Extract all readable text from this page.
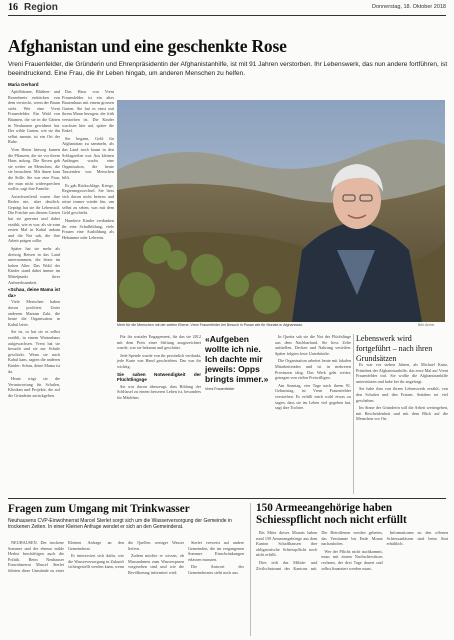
16 Region	Donnerstag, 18. Oktober 2018
Afghanistan und eine geschenkte Rose
Vreni Frauenfelder, die Gründerin und Ehrenpräsidentin der Afghanistanhilfe, ist mit 91 Jahren verstorben. Ihr Lebenswerk, das nun andere fortführen, ist beeindruckend. Eine Frau, die ihr Leben hingab, um anderen Menschen zu helfen.
Maria Gerhard

Apfelbäume, Blüthen- und Rosenbeete erdrücken von dem versteckt, wenn der Baum steht. Wer eine Vreni Frauenfelder. Ein Wald von Bäumen, die sie in die Gärten in Neuhausen gewidmet hat. Der wilde Garten, wie sie ihn selbst nannte, ist ein Ort der Ruhe.

Vom Beton hinweg kamen die Pflanzen, die sie vor ihrem Haus aufzog. Die Rosen gab sie weiter an Menschen, die sie besuchten. Mit ihnen kam die Stille. Sie war eine Frau, der man nicht widersprechen wollte, sagt ihre Familie.

Ausschweifend waren ihre Reden nie, aber deutlich. Geprägt hat sie ihr Lebensstil. Die Früchte aus diesem Garten hat sie geerntet und dabei erzählt, wie es war, als sie zum ersten Mal in Kabul ankam und die Not sah, die ihre Arbeit prägen sollte.

Später hat sie mehr als dreissig Reisen in das Land unternommen, die letzte im hohen Alter. Das Wohl der Kinder stand dabei immer im Mittelpunkt ihrer Aufmerksamkeit.

«Schau, deine Mama ist da»

Viele Menschen haben davon profitiert. Unter anderem Mariam Zaki, die heute die Organisation in Kabul leitet.

Sie ist, so hat sie es selbst erzählt, in einem Waisenhaus aufgewachsen. Vreni hat sie besucht und sie zur Schule geschickt. Wenn sie nach Kabul kam, sagten die anderen Kinder: Schau, deine Mama ist da.

Heute trägt sie die Verantwortung für Schulen, Kliniken und Projekte, die auf die Gründerin zurückgehen.

Das Haus von Vreni Frauenfelder ist ein altes Bauernhaus mit einem grossen Garten. Sie hat es einst mit ihrem Mann bezogen, der früh verstorben ist. Die Kinder wuchsen hier auf, später die Enkel.

Sie begann, Geld für Afghanistan zu sammeln, als das Land noch kaum in den Schlagzeilen war. Aus kleinen Anfängen wuchs eine Organisation, die heute Tausenden von Menschen hilft.

Es gab Rückschläge, Kriege, Regierungswechsel. Sie liess sich davon nicht beirren und reiste immer wieder hin, um selbst zu sehen, was mit dem Geld geschieht.

Hunderte Kinder verdanken ihr eine Schulbildung, viele Frauen eine Ausbildung als Hebamme oder Lehrerin.

Mehr für die Menschen mit der weiten Ebene: Vreni Frauenfelder bei Besuch in Pusan wie für Monate in Afghanistan.	Bild: Archiv

Für ihr soziales Engagement, für das sie 2012 mit dem Preis einer Stiftung ausgezeichnet wurde, war sie bekannt und geschätzt.

Jede Spende wurde von ihr persönlich verdankt, jede Karte von Hand geschrieben. Das war ihr wichtig.

Sie sahen Notwendigkeit der Flüchtlingsge

Sie war davon überzeugt, dass Bildung der Schlüssel zu einem besseren Leben ist, besonders für Mädchen.

«Aufgeben wollte ich nie. Ich dachte mir jeweils: Opps bringts immer.»
Vreni Frauenfelder

In Quetta sah sie die Not der Flüchtlinge aus dem Nachbarland. Sie liess Zelte aufstellen, Decken und Nahrung verteilen. Später folgten feste Unterkünfte.

Die Organisation arbeitet heute mit lokalen Mitarbeitenden und ist in mehreren Provinzen tätig. Das Werk geht weiter, getragen von vielen Freiwilligen.

Am Sonntag, vier Tage nach ihrem 91. Geburtstag, ist Vreni Frauenfelder verstorben. Es erfüllt mich wohl etwas zu sagen, dass sie im Leben viel gegeben hat, sagt ihre Tochter.

Lebenswerk wird fortgeführt – nach ihren Grundsätzen

Es war vor sieben Jahren, als Michael Kunz, Präsident der Afghanistanhilfe, das erste Mal auf Vreni Frauenfelder traf. Sie wollte die Afghanistanhilfe unterstützen und habe bei ihr angefragt.

Sie habe ihm von ihrem Lebenswerk erzählt, von den Schulen und den Frauen. Seitdem sei viel geschehen.

Im Sinne der Gründerin soll die Arbeit weitergehen, mit Bescheidenheit und mit dem Blick auf die Menschen vor Ort.

Fragen zum Umgang mit Trinkwasser
Neuhausens CVP-Einwohnerrat Marcel Sterlet sorgt sich um die Wasserversorgung der Gemeinde in trockenen Zeiten. In einer Kleinen Anfrage wendet er sich an den Gemeinderat.

NEUHAUSEN. Der trockene Sommer und der ebenso milde Herbst beschäftigen auch die Politik. Beim Neuhauser Einwohnerrat Marcel Sterlet führten diese Umstände zu einer Kleinen Anfrage an den Gemeinderat.

Er interessiert sich dafür, wie die Wasserversorgung in Zukunft sichergestellt werden kann, wenn die Quellen weniger Wasser liefern.

Zudem möchte er wissen, ob Massnahmen zum Wassersparen vorgesehen sind und wie die Bevölkerung informiert wird.

Sterlet verweist auf andere Gemeinden, die im vergangenen Sommer Einschränkungen erlassen mussten.

Die Antwort des Gemeinderates steht noch aus.

150 Armeeangehörige haben Schiesspflicht noch nicht erfüllt

Bis Mitte dieses Monats haben rund 150 Armeeangehörige aus dem Kanton Schaffhausen ihre obligatorische Schiesspflicht noch nicht erfüllt.

Dies teilt das Militär- und Zivilschutzamt des Kantons mit. Die Betroffenen werden gebeten, das Versäumte bis Ende Monat nachzuholen.

Wer der Pflicht nicht nachkommt, muss mit einem Nachschiesskurs rechnen, der drei Tage dauert und selbst finanziert werden muss.

Informationen zu den offenen Schiessanlässen sind beim Amt erhältlich.
